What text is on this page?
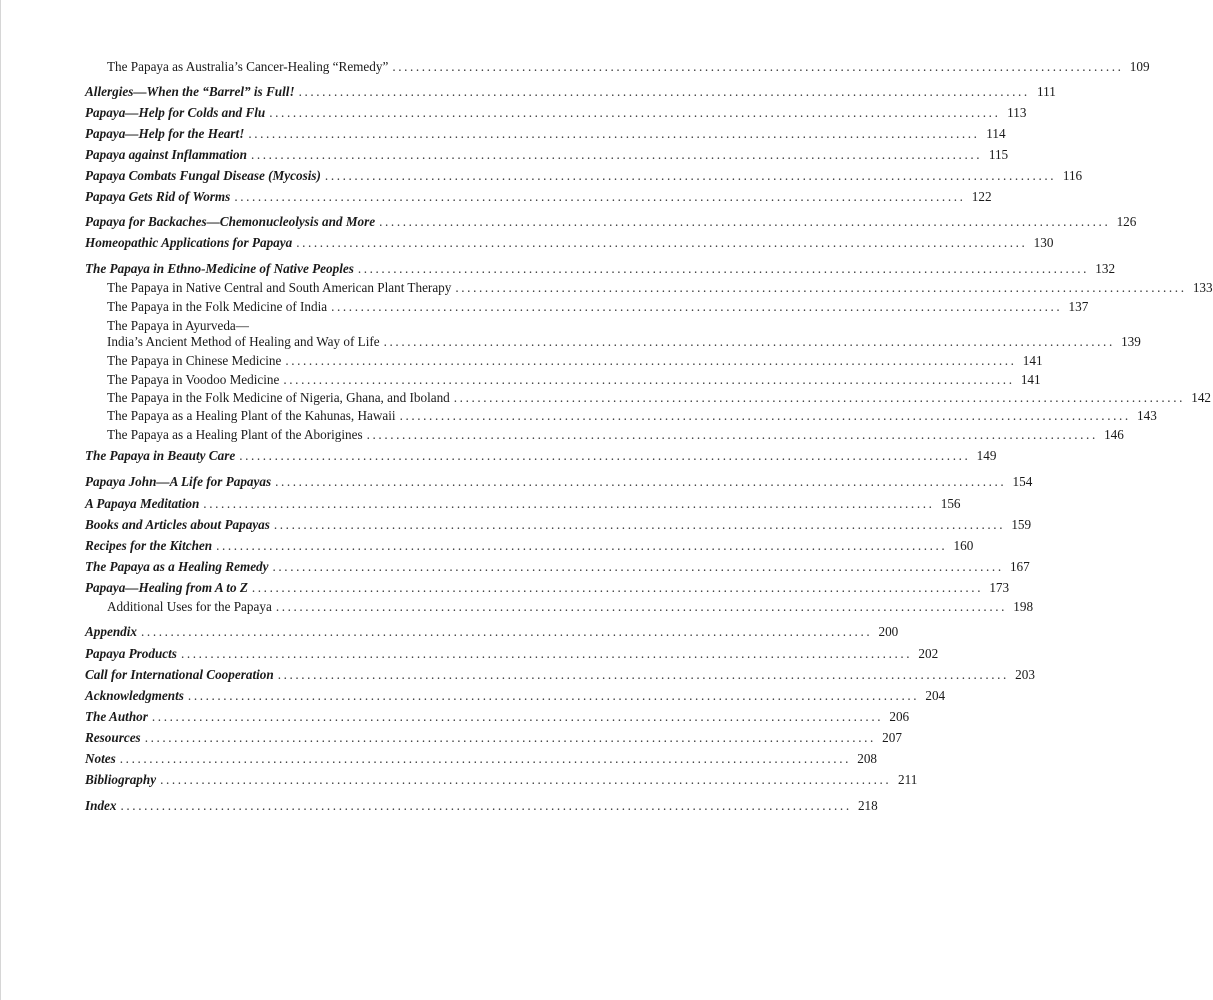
The Papaya as Australia’s Cancer-Healing “Remedy” ............................................................................................................................ 109
Allergies—When the “Barrel” is Full! ............................................................................................................................ 111
Papaya—Help for Colds and Flu ............................................................................................................................ 113
Papaya—Help for the Heart! ............................................................................................................................ 114
Papaya against Inflammation ............................................................................................................................ 115
Papaya Combats Fungal Disease (Mycosis) ............................................................................................................................ 116
Papaya Gets Rid of Worms ............................................................................................................................ 122
Papaya for Backaches—Chemonucleolysis and More ............................................................................................................................ 126
Homeopathic Applications for Papaya ............................................................................................................................ 130
The Papaya in Ethno-Medicine of Native Peoples ............................................................................................................................ 132
The Papaya in Native Central and South American Plant Therapy ............................................................................................................................ 133
The Papaya in the Folk Medicine of India ............................................................................................................................ 137
The Papaya in Ayurveda—
India’s Ancient Method of Healing and Way of Life ............................................................................................................................ 139
The Papaya in Chinese Medicine ............................................................................................................................ 141
The Papaya in Voodoo Medicine ............................................................................................................................ 141
The Papaya in the Folk Medicine of Nigeria, Ghana, and Iboland ............................................................................................................................ 142
The Papaya as a Healing Plant of the Kahunas, Hawaii ............................................................................................................................ 143
The Papaya as a Healing Plant of the Aborigines ............................................................................................................................ 146
The Papaya in Beauty Care ............................................................................................................................ 149
Papaya John—A Life for Papayas ............................................................................................................................ 154
A Papaya Meditation ............................................................................................................................ 156
Books and Articles about Papayas ............................................................................................................................ 159
Recipes for the Kitchen ............................................................................................................................ 160
The Papaya as a Healing Remedy ............................................................................................................................ 167
Papaya—Healing from A to Z ............................................................................................................................ 173
Additional Uses for the Papaya ............................................................................................................................ 198
Appendix ............................................................................................................................ 200
Papaya Products ............................................................................................................................ 202
Call for International Cooperation ............................................................................................................................ 203
Acknowledgments ............................................................................................................................ 204
The Author ............................................................................................................................ 206
Resources ............................................................................................................................ 207
Notes ............................................................................................................................ 208
Bibliography ............................................................................................................................ 211
Index ............................................................................................................................ 218
